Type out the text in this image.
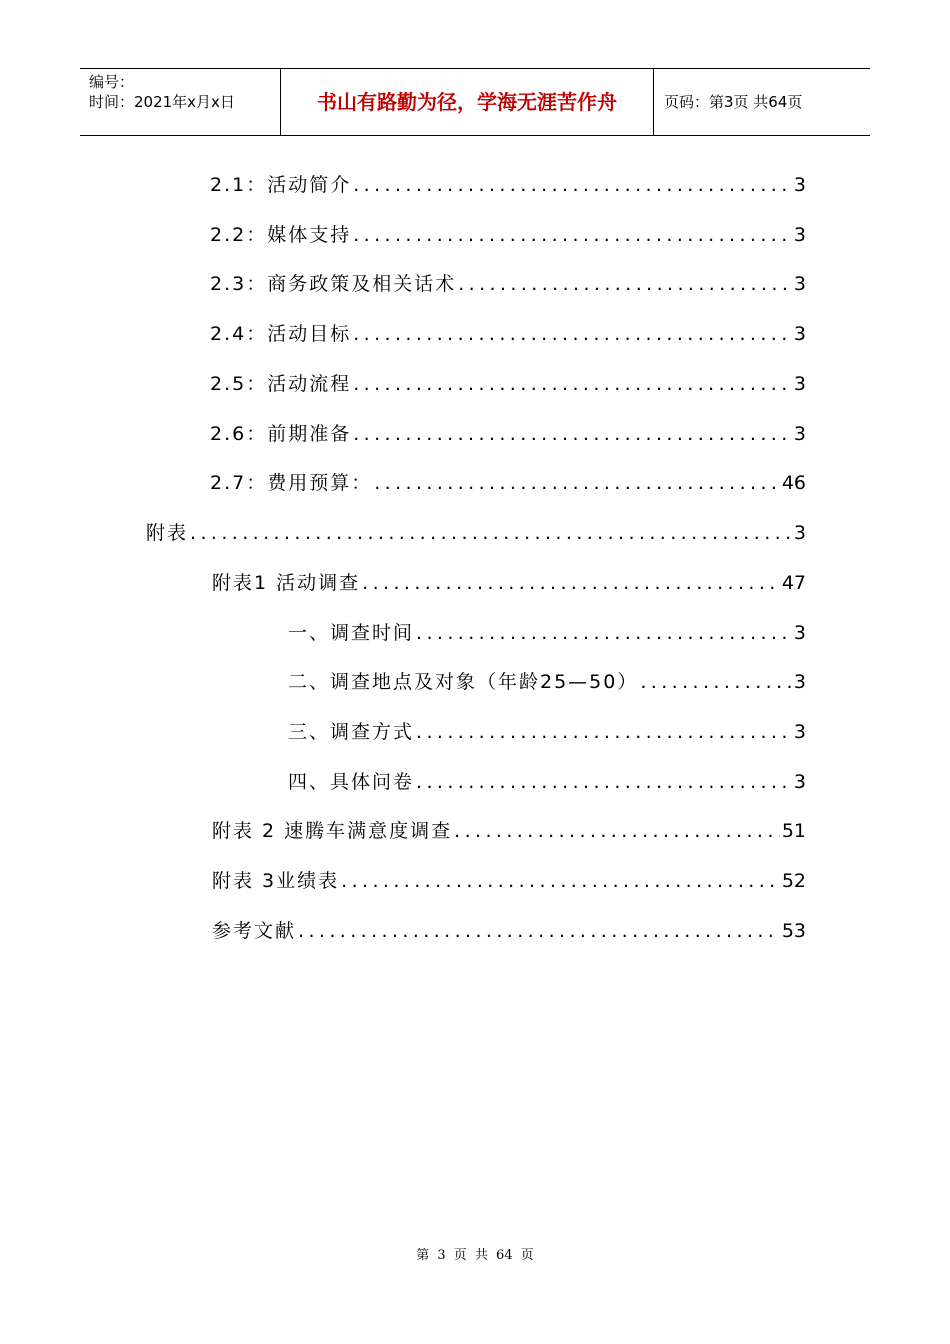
编号：
时间：2021年x月x日	书山有路勤为径，学海无涯苦作舟	页码：第3页 共64页
2.1：活动简介 .....	3
2.2：媒体支持 .....	3
2.3：商务政策及相关话术 .....	3
2.4：活动目标 .....	3
2.5：活动流程 .....	3
2.6：前期准备 .....	3
2.7：费用预算： .....	46
附表 .....	3
附表1 活动调查 .....	47
一、调查时间 .....	3
二、调查地点及对象（年龄25—50） .....	3
三、调查方式 .....	3
四、具体问卷 .....	3
附表 2 速腾车满意度调查 .....	51
附表 3业绩表 .....	52
参考文献 .....	53
第 3 页 共 64 页
